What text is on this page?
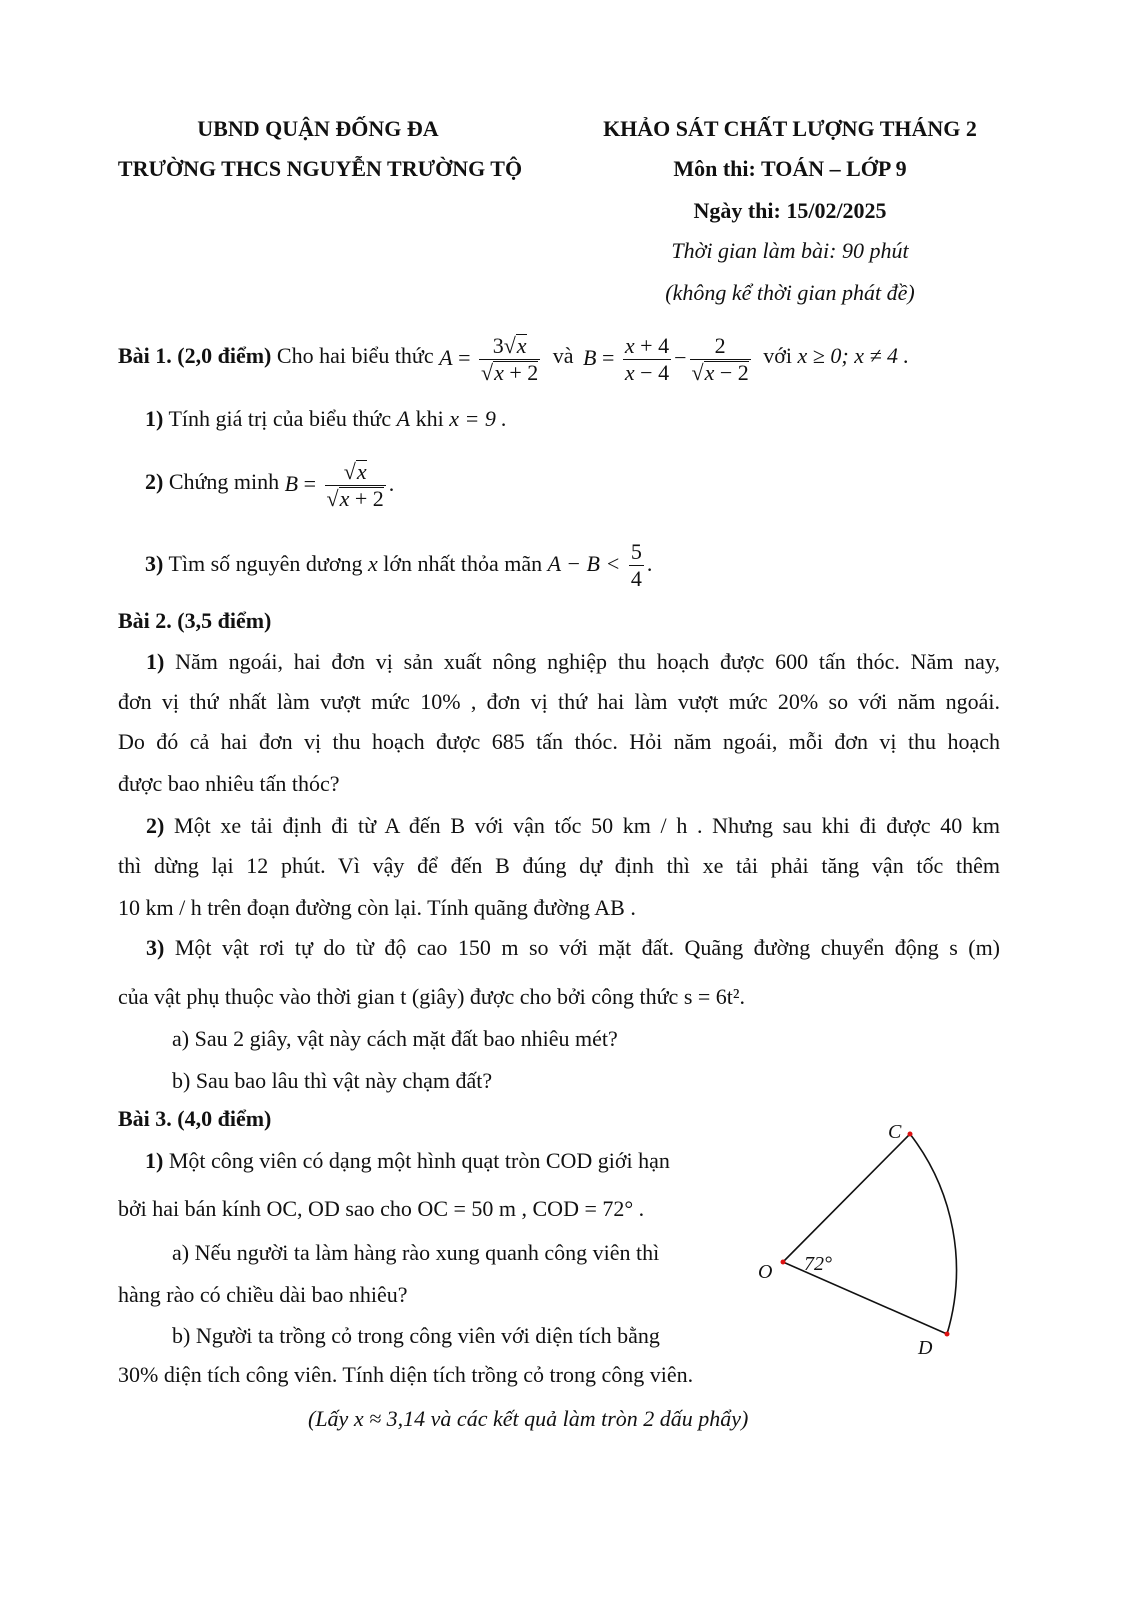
UBND QUẬN ĐỐNG ĐA
TRƯỜNG THCS NGUYỄN TRƯỜNG TỘ
KHẢO SÁT CHẤT LƯỢNG THÁNG 2
Môn thi: TOÁN – LỚP 9
Ngày thi: 15/02/2025
Thời gian làm bài: 90 phút
(không kể thời gian phát đề)
Bài 1. (2,0 điểm) Cho hai biểu thức $A = \frac{3√x}{√x + 2}$ và $B = \frac{x + 4}{x - 4} - \frac{2}{√x - 2}$ với x ≥ 0; x ≠ 4 .
1) Tính giá trị của biểu thức A khi x = 9 .
2) Chứng minh $B = \frac{√x}{√x + 2}$ .
3) Tìm số nguyên dương x lớn nhất thỏa mãn $A - B < \frac{5}{4}$ .
Bài 2. (3,5 điểm)
1) Năm ngoái, hai đơn vị sản xuất nông nghiệp thu hoạch được 600 tấn thóc. Năm nay,
đơn vị thứ nhất làm vượt mức 10% , đơn vị thứ hai làm vượt mức 20% so với năm ngoái.
Do đó cả hai đơn vị thu hoạch được 685 tấn thóc. Hỏi năm ngoái, mỗi đơn vị thu hoạch
được bao nhiêu tấn thóc?
2) Một xe tải định đi từ A đến B với vận tốc 50 km / h . Nhưng sau khi đi được 40 km
thì dừng lại 12 phút. Vì vậy để đến B đúng dự định thì xe tải phải tăng vận tốc thêm
10 km / h trên đoạn đường còn lại. Tính quãng đường AB .
3) Một vật rơi tự do từ độ cao 150 m so với mặt đất. Quãng đường chuyển động s (m)
của vật phụ thuộc vào thời gian t (giây) được cho bởi công thức s = 6t².
a) Sau 2 giây, vật này cách mặt đất bao nhiêu mét?
b) Sau bao lâu thì vật này chạm đất?
Bài 3. (4,0 điểm)
1) Một công viên có dạng một hình quạt tròn COD giới hạn
bởi hai bán kính OC, OD sao cho OC = 50 m , COD = 72° .
a) Nếu người ta làm hàng rào xung quanh công viên thì
hàng rào có chiều dài bao nhiêu?
b) Người ta trồng cỏ trong công viên với diện tích bằng
30% diện tích công viên. Tính diện tích trồng cỏ trong công viên.
(Lấy x ≈ 3,14 và các kết quả làm tròn 2 dấu phẩy)
C
O
D
72°
